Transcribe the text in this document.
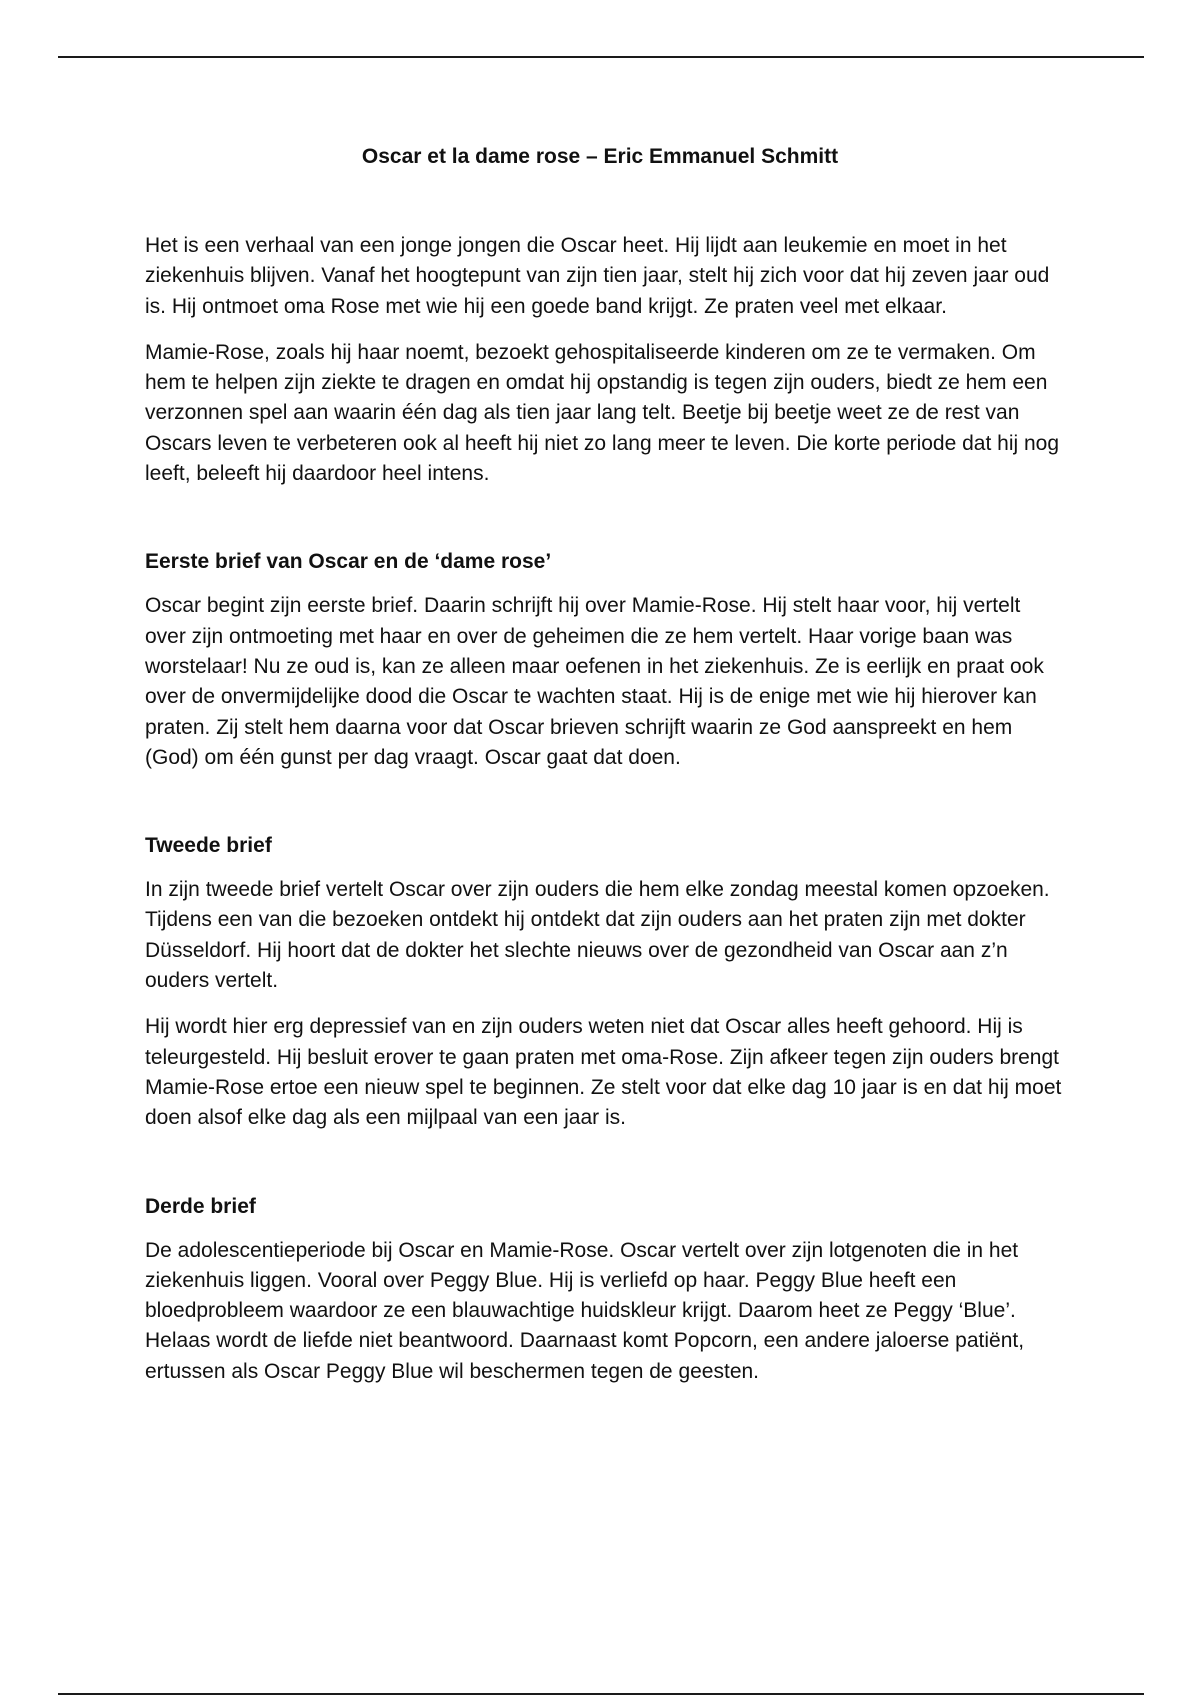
Oscar et la dame rose – Eric Emmanuel Schmitt

Het is een verhaal van een jonge jongen die Oscar heet. Hij lijdt aan leukemie en moet in het ziekenhuis blijven. Vanaf het hoogtepunt van zijn tien jaar, stelt hij zich voor dat hij zeven jaar oud is. Hij ontmoet oma Rose met wie hij een goede band krijgt. Ze praten veel met elkaar.

Mamie-Rose, zoals hij haar noemt, bezoekt gehospitaliseerde kinderen om ze te vermaken. Om hem te helpen zijn ziekte te dragen en omdat hij opstandig is tegen zijn ouders, biedt ze hem een verzonnen spel aan waarin één dag als tien jaar lang telt. Beetje bij beetje weet ze de rest van Oscars leven te verbeteren ook al heeft hij niet zo lang meer te leven. Die korte periode dat hij nog leeft, beleeft hij daardoor heel intens.

Eerste brief van Oscar en de ‘dame rose’

Oscar begint zijn eerste brief. Daarin schrijft hij over Mamie-Rose. Hij stelt haar voor, hij vertelt over zijn ontmoeting met haar en over de geheimen die ze hem vertelt. Haar vorige baan was worstelaar! Nu ze oud is, kan ze alleen maar oefenen in het ziekenhuis. Ze is eerlijk en praat ook over de onvermijdelijke dood die Oscar te wachten staat. Hij is de enige met wie hij hierover kan praten. Zij stelt hem daarna voor dat Oscar brieven schrijft waarin ze God aanspreekt en hem (God) om één gunst per dag vraagt. Oscar gaat dat doen.

Tweede brief

In zijn tweede brief vertelt Oscar over zijn ouders die hem elke zondag meestal komen opzoeken. Tijdens een van die bezoeken ontdekt hij ontdekt dat zijn ouders aan het praten zijn met dokter Düsseldorf. Hij hoort dat de dokter het slechte nieuws over de gezondheid van Oscar aan z’n ouders vertelt.

Hij wordt hier erg depressief van en zijn ouders weten niet dat Oscar alles heeft gehoord. Hij is teleurgesteld. Hij besluit erover te gaan praten met oma-Rose. Zijn afkeer tegen zijn ouders brengt Mamie-Rose ertoe een nieuw spel te beginnen. Ze stelt voor dat elke dag 10 jaar is en dat hij moet doen alsof elke dag als een mijlpaal van een jaar is.

Derde brief

De adolescentieperiode bij Oscar en Mamie-Rose. Oscar vertelt over zijn lotgenoten die in het ziekenhuis liggen. Vooral over Peggy Blue. Hij is verliefd op haar. Peggy Blue heeft een bloedprobleem waardoor ze een blauwachtige huidskleur krijgt. Daarom heet ze Peggy ‘Blue’. Helaas wordt de liefde niet beantwoord. Daarnaast komt Popcorn, een andere jaloerse patiënt, ertussen als Oscar Peggy Blue wil beschermen tegen de geesten.
